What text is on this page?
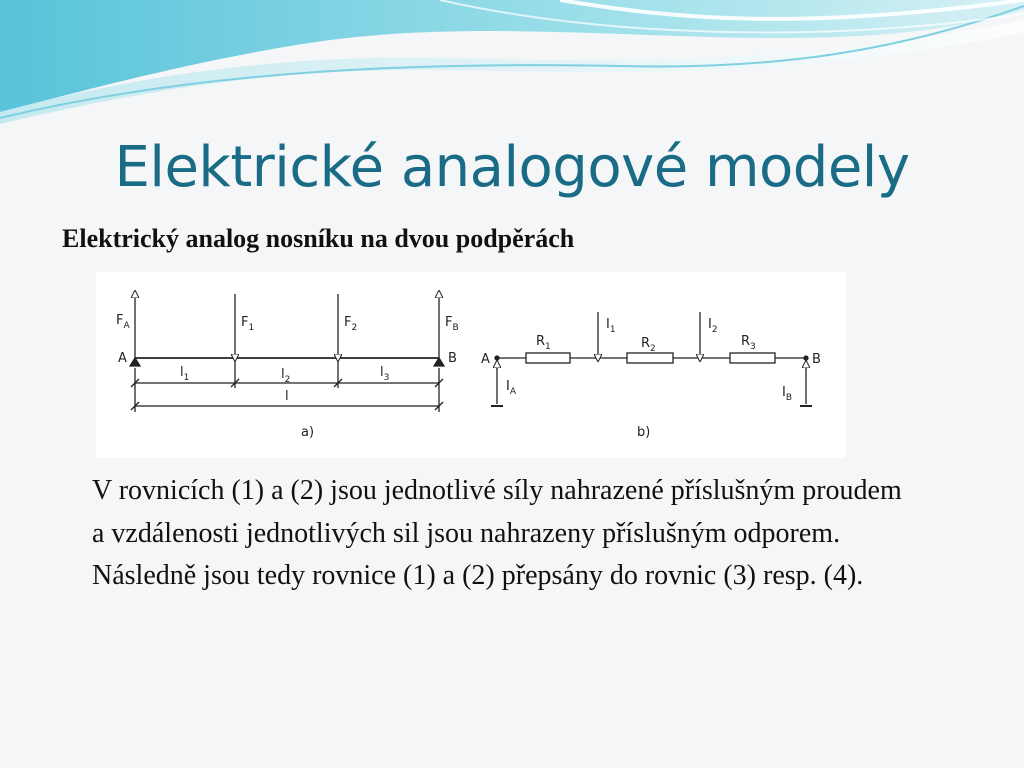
Elektrické analogové modely
Elektrický analog nosníku na dvou podpěrách
$F_A$	$F_1$	$F_2$	$F_B$
A	B
$l_1$	$l_2$	$l_3$
l
a)
$R_1$	$R_2$	$R_3$
$I_1$	$I_2$
$I_A$	$I_B$
A	B
b)
V rovnicích (1) a (2) jsou jednotlivé síly nahrazené příslušným proudem a vzdálenosti jednotlivých sil jsou nahrazeny příslušným odporem. Následně jsou tedy rovnice (1) a (2) přepsány do rovnic (3) resp. (4).
